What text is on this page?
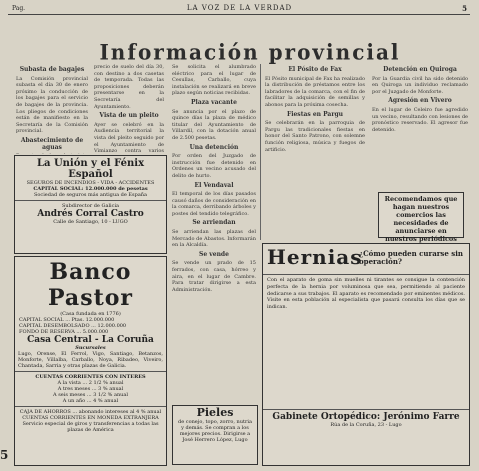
Pag.	LA VOZ DE LA VERDAD	5
Información provincial
Subasta de bagajes
La Comisión provincial subasta el día 30 de enero próximo la conducción de los bagajes para el servicio de bagajes de la provincia. Los pliegos de condiciones están de manifiesto en la Secretaría de la Comisión provincial.
Abastecimiento de aguas
precio de suelo del día 30, con destino a dos casetas de temporada. Todas las proposiciones deberán presentarse en la Secretaría del Ayuntamiento.
Vista de un pleito
Ayer se celebró en la Audiencia territorial la vista del pleito seguido por el Ayuntamiento de Vimianzo contra varios
La Unión y el Fénix Español
SEGUROS DE INCENDIOS - VIDA - ACCIDENTES
CAPITAL SOCIAL: 12.000.000 de pesetas
Sociedad de seguros más antigua de España
Subdirector de Galicia
Andrés Corral Castro
Calle de Santiago, 10 - LUGO
Banco Pastor
(Casa fundada en 1776)
CAPITAL SOCIAL ... Ptas. 12.000.000
CAPITAL DESEMBOLSADO ... 12.000.000
FONDO DE RESERVA ... 5.000.000
Casa Central - La Coruña
Sucursales
Lugo, Orense, El Ferrol, Vigo, Santiago, Betanzos, Monforte, Villalba, Carballo, Noya, Ribadeo, Viveiro, Chantada, Sarria y otras plazas de Galicia.
CUENTAS CORRIENTES CON INTERES
A la vista ... 2 1/2 % anual
A tres meses ... 3 % anual
A seis meses ... 3 1/2 % anual
A un año ... 4 % anual
CAJA DE AHORROS ... abonando intereses al 4 % anual
CUENTAS CORRIENTES EN MONEDA EXTRANJERA
Servicio especial de giros y transferencias a todas las plazas de América
Se solicita el alumbrado eléctrico para el lugar de Cesullas, Carballo, cuya instalación se realizará en breve plazo según noticias recibidas.
Plaza vacante
Se anuncia por el plazo de quince días la plaza de médico titular del Ayuntamiento de Villardil, con la dotación anual de 2.500 pesetas.
Una detención
Por orden del Juzgado de instrucción fue detenido en Ordenes un vecino acusado del delito de hurto.
El Vendaval
El temporal de los días pasados causó daños de consideración en la comarca, derribando árboles y postes del tendido telegráfico.
Se arriendan
Se arriendan las plazas del Mercado de Abastos. Informarán en la Alcaldía.
Se vende
Se vende un prado de 15 ferrados, con casa, hórreo y aira, en el lugar de Cambre. Para tratar dirigirse a esta Administración.
Pieles
de conejo, topo, zorro, nutria y demás. Se compran a los mejores precios. Dirigirse a José Herrero López, Lugo
El Pósito de Fax
El Pósito municipal de Fax ha realizado la distribución de préstamos entre los labradores de la comarca, con el fin de facilitar la adquisición de semillas y abonos para la próxima cosecha.
Fiestas en Pargu
Se celebrarán en la parroquia de Pargu las tradicionales fiestas en honor del Santo Patrono, con solemne función religiosa, música y fuegos de artificio.
Detención en Quiroga
Por la Guardia civil ha sido detenido en Quiroga un individuo reclamado por el Juzgado de Monforte.
Agresión en Vivero
En el lugar de Celeiro fue agredido un vecino, resultando con lesiones de pronóstico reservado. El agresor fue detenido.
Recomendamos que hagan nuestros comercios las necesidades de anunciarse en nuestros periódicos
Hernias
¿Cómo pueden curarse sin operación?
Con el aparato de goma sin muelles ni tirantes se consigue la contención perfecta de la hernia por voluminosa que sea, permitiendo al paciente dedicarse a sus trabajos. El aparato es recomendado por eminentes médicos. Visite en esta población al especialista que pasará consulta los días que se indican.
Gabinete Ortopédico: Jerónimo Farre
Rúa de la Coruña, 23 - Lugo
5
